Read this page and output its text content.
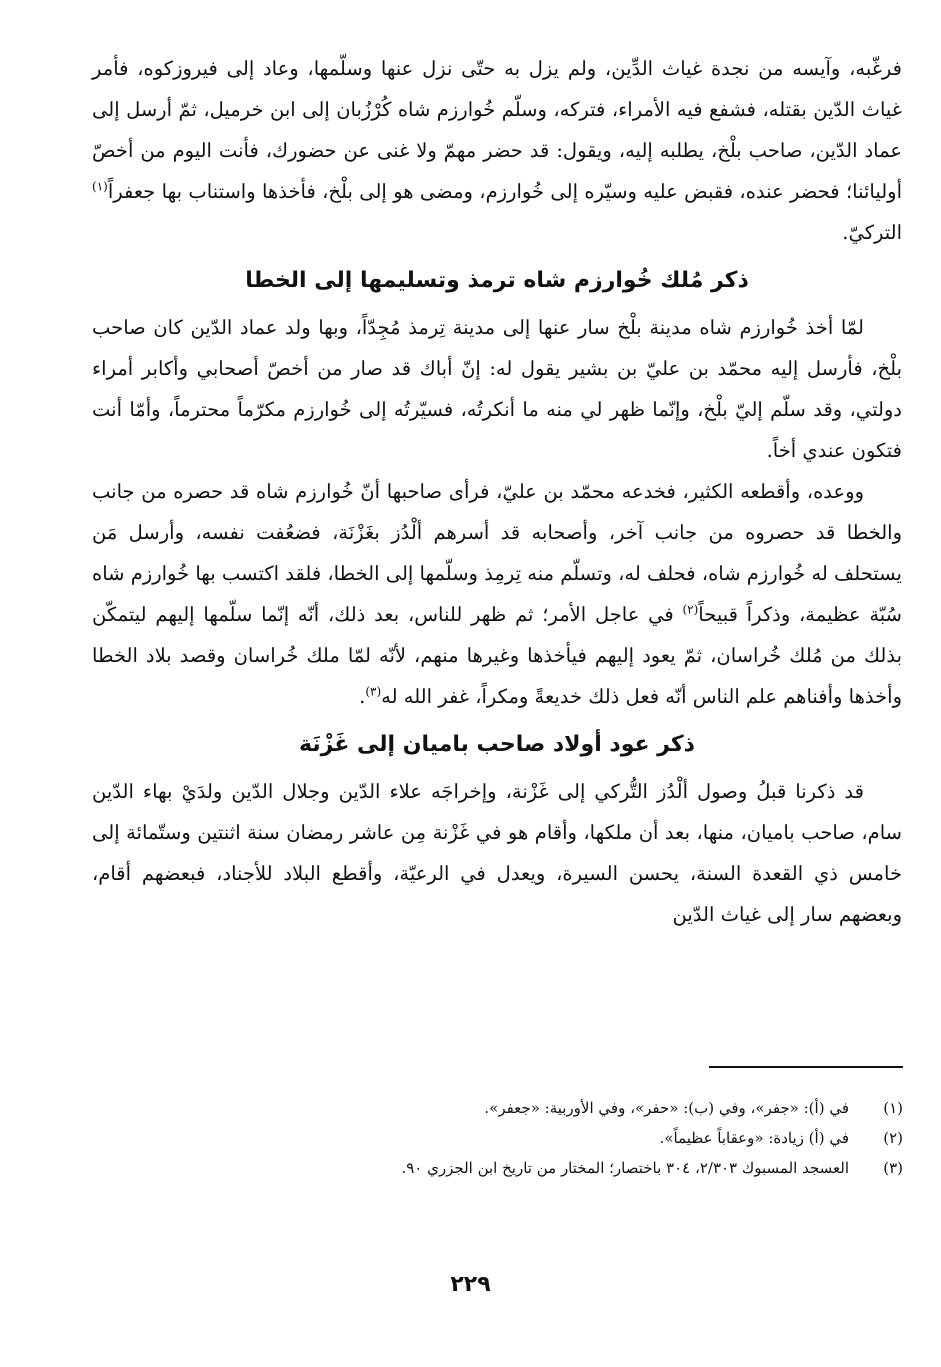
فرغّبه، وآيسه من نجدة غياث الدِّين، ولم يزل به حتّى نزل عنها وسلّمها، وعاد إلى فيروزكوه، فأمر غياث الدّين بقتله، فشفع فيه الأمراء، فتركه، وسلّم خُوارزم شاه كُرْزُبان إلى ابن خرميل، ثمّ أرسل إلى عماد الدّين، صاحب بلْخ، يطلبه إليه، ويقول: قد حضر مهمّ ولا غنى عن حضورك، فأنت اليوم من أخصّ أوليائنا؛ فحضر عنده، فقبض عليه وسيّره إلى خُوارزم، ومضى هو إلى بلْخ، فأخذها واستناب بها جعفراً$^{(١)}$ التركيّ.

ذكر مُلك خُوارزم شاه ترمذ وتسليمها إلى الخطا

لمّا أخذ خُوارزم شاه مدينة بلْخ سار عنها إلى مدينة تِرمذ مُجِدّاً، وبها ولد عماد الدّين كان صاحب بلْخ، فأرسل إليه محمّد بن عليّ بن بشير يقول له: إنّ أباك قد صار من أخصّ أصحابي وأكابر أمراء دولتي، وقد سلّم إليّ بلْخ، وإنّما ظهر لي منه ما أنكرتُه، فسيّرتُه إلى خُوارزم مكرّماً محترماً، وأمّا أنت فتكون عندي أخاً.

ووعده، وأقطعه الكثير، فخدعه محمّد بن عليّ، فرأى صاحبها أنّ خُوارزم شاه قد حصره من جانب والخطا قد حصروه من جانب آخر، وأصحابه قد أسرهم ألْدُز بغَزْنَة، فضعُفت نفسه، وأرسل مَن يستحلف له خُوارزم شاه، فحلف له، وتسلّم منه تِرمِذ وسلّمها إلى الخطا، فلقد اكتسب بها خُوارزم شاه سُبّة عظيمة، وذكراً قبيحاً$^{(٢)}$ في عاجل الأمر؛ ثم ظهر للناس، بعد ذلك، أنّه إنّما سلّمها إليهم ليتمكّن بذلك من مُلك خُراسان، ثمّ يعود إليهم فيأخذها وغيرها منهم، لأنّه لمّا ملك خُراسان وقصد بلاد الخطا وأخذها وأفناهم علم الناس أنّه فعل ذلك خديعةً ومكراً، غفر الله له$^{(٣)}$.

ذكر عود أولاد صاحب باميان إلى غَزْنَة

قد ذكرنا قبلُ وصول ألْدُز التُّركي إلى غَزْنة، وإخراجَه علاء الدّين وجلال الدّين ولدَيْ بهاء الدّين سام، صاحب باميان، منها، بعد أن ملكها، وأقام هو في غَزْنة مِن عاشر رمضان سنة اثنتين وستّمائة إلى خامس ذي القعدة السنة، يحسن السيرة، ويعدل في الرعيّة، وأقطع البلاد للأجناد، فبعضهم أقام، وبعضهم سار إلى غياث الدّين

(١)
في (أ): «جفر»، وفي (ب): «حفر»، وفي الأوربية: «جعفر».
(٢)
في (أ) زيادة: «وعقاباً عظيماً».
(٣)
العسجد المسبوك ٢/٣٠٣، ٣٠٤ باختصار؛ المختار من تاريخ ابن الجزري ٩٠.
٢٢٩
